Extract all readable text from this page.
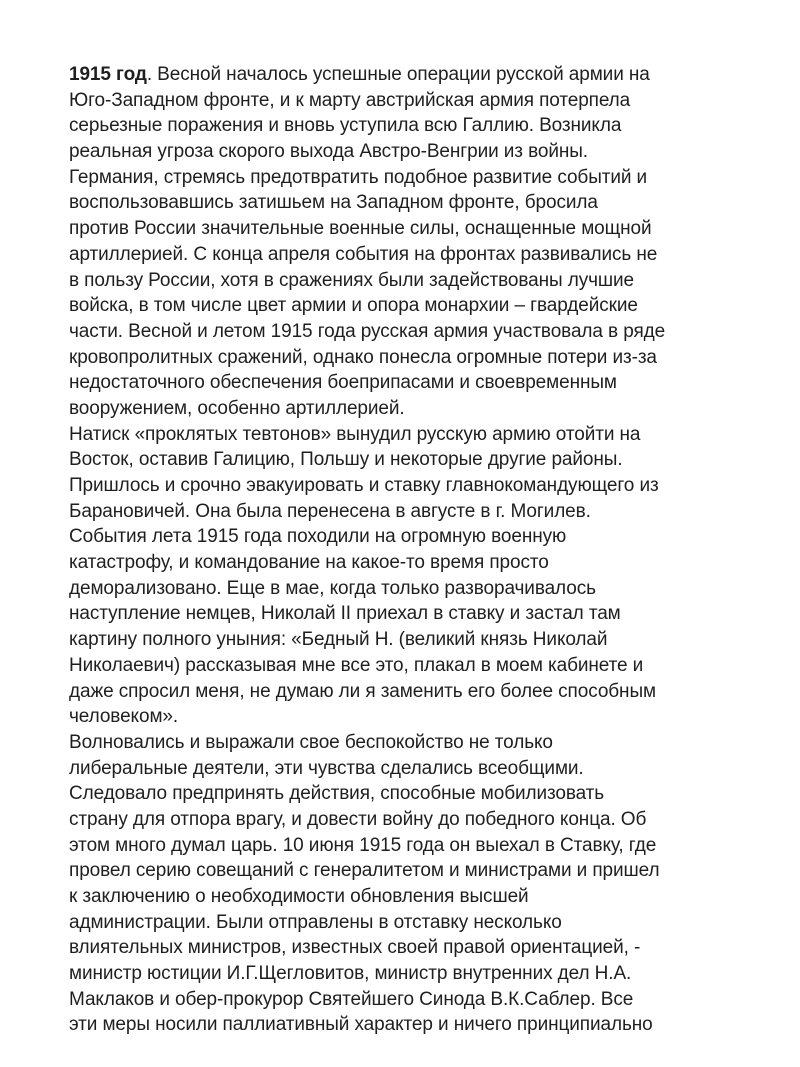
1915 год. Весной началось успешные операции русской армии на
Юго-Западном фронте, и к марту австрийская армия потерпела
серьезные поражения и вновь уступила всю Галлию. Возникла
реальная угроза скорого выхода Австро-Венгрии из войны.
Германия, стремясь предотвратить подобное развитие событий и
воспользовавшись затишьем на Западном фронте, бросила
против России значительные военные силы, оснащенные мощной
артиллерией. С конца апреля события на фронтах развивались не
в пользу России, хотя в сражениях были задействованы лучшие
войска, в том числе цвет армии и опора монархии – гвардейские
части. Весной и летом 1915 года русская армия участвовала в ряде
кровопролитных сражений, однако понесла огромные потери из-за
недостаточного обеспечения боеприпасами и своевременным
вооружением, особенно артиллерией.
Натиск «проклятых тевтонов» вынудил русскую армию отойти на
Восток, оставив Галицию, Польшу и некоторые другие районы.
Пришлось и срочно эвакуировать и ставку главнокомандующего из
Барановичей. Она была перенесена в августе в г. Могилев.
События лета 1915 года походили на огромную военную
катастрофу, и командование на какое-то время просто
деморализовано. Еще в мае, когда только разворачивалось
наступление немцев, Николай II приехал в ставку и застал там
картину полного уныния: «Бедный Н. (великий князь Николай
Николаевич) рассказывая мне все это, плакал в моем кабинете и
даже спросил меня, не думаю ли я заменить его более способным
человеком».
Волновались и выражали свое беспокойство не только
либеральные деятели, эти чувства сделались всеобщими.
Следовало предпринять действия, способные мобилизовать
страну для отпора врагу, и довести войну до победного конца. Об
этом много думал царь. 10 июня 1915 года он выехал в Ставку, где
провел серию совещаний с генералитетом и министрами и пришел
к заключению о необходимости обновления высшей
администрации. Были отправлены в отставку несколько
влиятельных министров, известных своей правой ориентацией, -
министр юстиции И.Г.Щегловитов, министр внутренних дел Н.А.
Маклаков и обер-прокурор Святейшего Синода В.К.Саблер. Все
эти меры носили паллиативный характер и ничего принципиально
